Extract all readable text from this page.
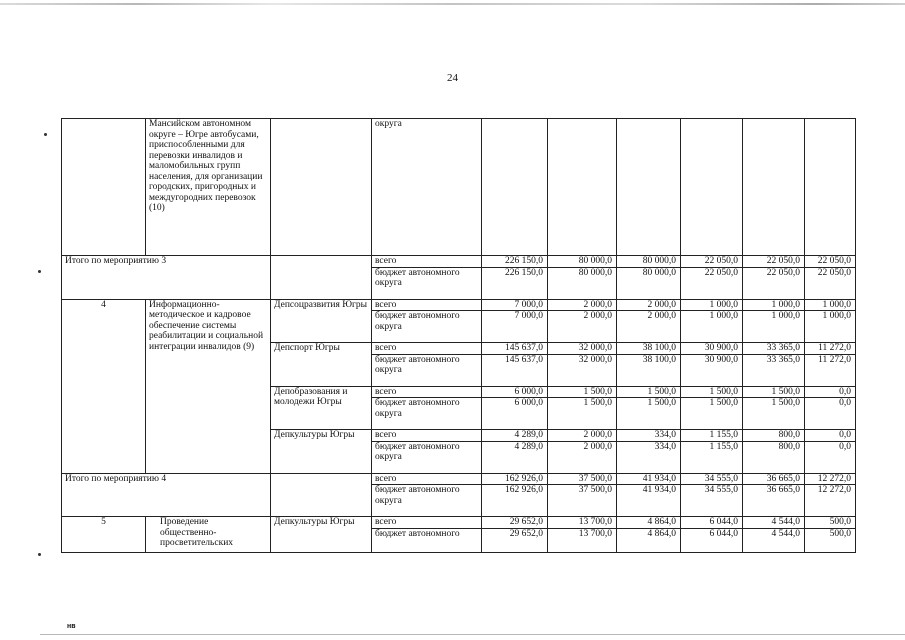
24
	Мансийском автономном округе – Югре автобусами, приспособленными для перевозки инвалидов и маломобильных групп населения, для организации городских, пригородных и междугородних перевозок (10)		округа						
Итого по мероприятию 3			всего	226 150,0	80 000,0	80 000,0	22 050,0	22 050,0	22 050,0
			бюджет автономного округа	226 150,0	80 000,0	80 000,0	22 050,0	22 050,0	22 050,0
4	Информационно-методическое и кадровое обеспечение системы реабилитации и социальной интеграции инвалидов (9)	Депсоцразвития Югры	всего	7 000,0	2 000,0	2 000,0	1 000,0	1 000,0	1 000,0
			бюджет автономного округа	7 000,0	2 000,0	2 000,0	1 000,0	1 000,0	1 000,0
		Депспорт Югры	всего	145 637,0	32 000,0	38 100,0	30 900,0	33 365,0	11 272,0
			бюджет автономного округа	145 637,0	32 000,0	38 100,0	30 900,0	33 365,0	11 272,0
		Депобразования и молодежи Югры	всего	6 000,0	1 500,0	1 500,0	1 500,0	1 500,0	0,0
			бюджет автономного округа	6 000,0	1 500,0	1 500,0	1 500,0	1 500,0	0,0
		Депкультуры Югры	всего	4 289,0	2 000,0	334,0	1 155,0	800,0	0,0
			бюджет автономного округа	4 289,0	2 000,0	334,0	1 155,0	800,0	0,0
Итого по мероприятию 4			всего	162 926,0	37 500,0	41 934,0	34 555,0	36 665,0	12 272,0
			бюджет автономного округа	162 926,0	37 500,0	41 934,0	34 555,0	36 665,0	12 272,0
5	Проведение общественно-просветительских	Депкультуры Югры	всего	29 652,0	13 700,0	4 864,0	6 044,0	4 544,0	500,0
			бюджет автономного	29 652,0	13 700,0	4 864,0	6 044,0	4 544,0	500,0
нв
